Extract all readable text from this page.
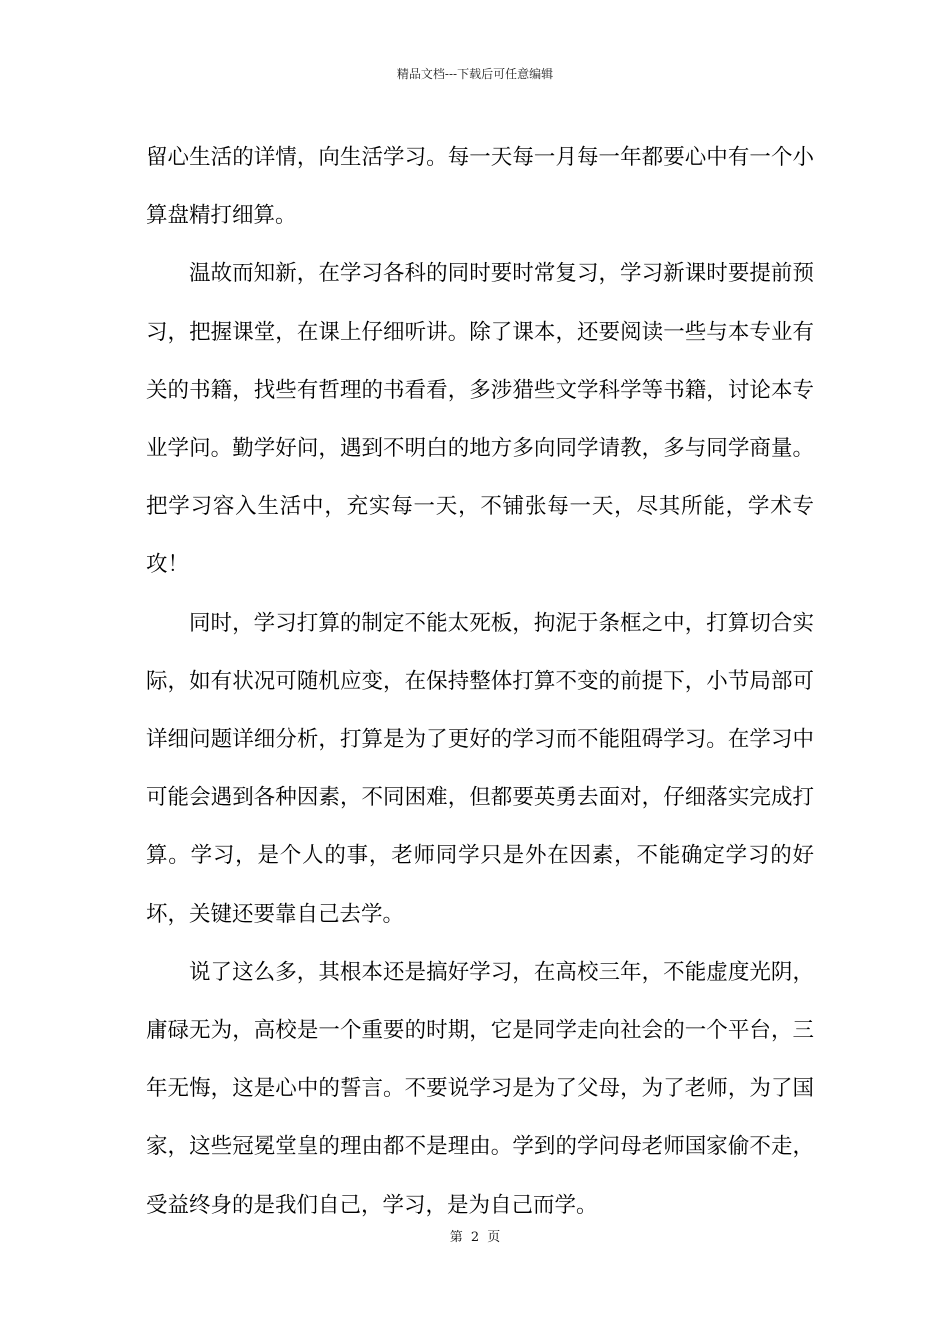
精品文档---下载后可任意编辑

留心生活的详情，向生活学习。每一天每一月每一年都要心中有一个小算盘精打细算。

温故而知新，在学习各科的同时要时常复习，学习新课时要提前预习，把握课堂，在课上仔细听讲。除了课本，还要阅读一些与本专业有关的书籍，找些有哲理的书看看，多涉猎些文学科学等书籍，讨论本专业学问。勤学好问，遇到不明白的地方多向同学请教，多与同学商量。把学习容入生活中，充实每一天，不铺张每一天，尽其所能，学术专攻！

同时，学习打算的制定不能太死板，拘泥于条框之中，打算切合实际，如有状况可随机应变，在保持整体打算不变的前提下，小节局部可详细问题详细分析，打算是为了更好的学习而不能阻碍学习。在学习中可能会遇到各种因素，不同困难，但都要英勇去面对，仔细落实完成打算。学习，是个人的事，老师同学只是外在因素，不能确定学习的好坏，关键还要靠自己去学。

说了这么多，其根本还是搞好学习，在高校三年，不能虚度光阴，庸碌无为，高校是一个重要的时期，它是同学走向社会的一个平台，三年无悔，这是心中的誓言。不要说学习是为了父母，为了老师，为了国家，这些冠冕堂皇的理由都不是理由。学到的学问母老师国家偷不走，受益终身的是我们自己，学习，是为自己而学。

第 2 页
